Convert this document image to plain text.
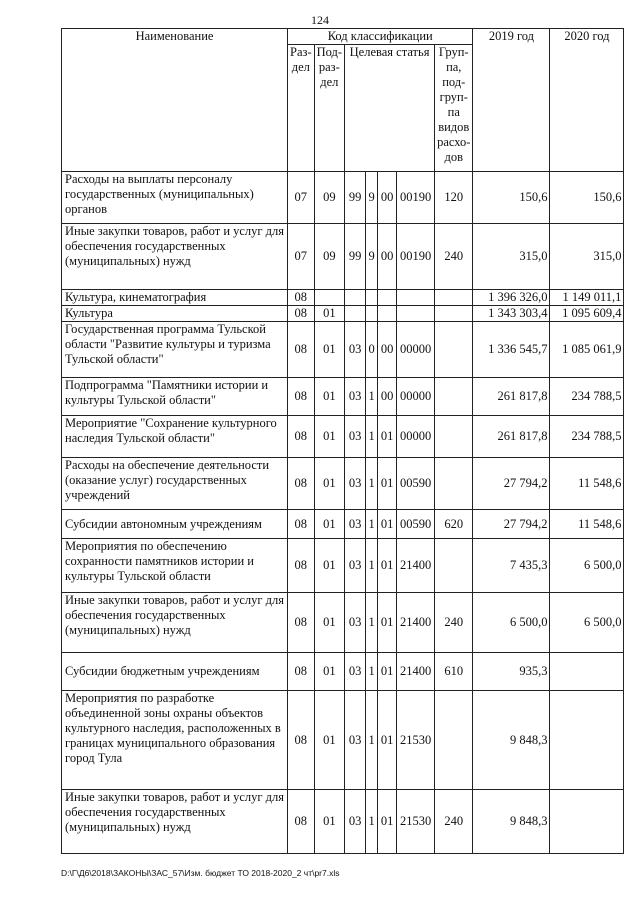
124
Наименование	Код классификации							2019 год	2020 год
	Раз-дел	Под-раз-дел	Целевая статья				Груп-па, под-груп-па видов расхо-дов		
Расходы на выплаты персоналу государственных (муниципальных) органов	07	09	99	9	00	00190	120	150,6	150,6
Иные закупки товаров, работ и услуг для обеспечения государственных (муниципальных) нужд	07	09	99	9	00	00190	240	315,0	315,0
Культура, кинематография	08							1 396 326,0	1 149 011,1
Культура	08	01						1 343 303,4	1 095 609,4
Государственная программа Тульской области "Развитие культуры и туризма Тульской области"	08	01	03	0	00	00000		1 336 545,7	1 085 061,9
Подпрограмма "Памятники истории и культуры Тульской области"	08	01	03	1	00	00000		261 817,8	234 788,5
Мероприятие "Сохранение культурного наследия Тульской области"	08	01	03	1	01	00000		261 817,8	234 788,5
Расходы на обеспечение деятельности (оказание услуг) государственных учреждений	08	01	03	1	01	00590		27 794,2	11 548,6
Субсидии автономным учреждениям	08	01	03	1	01	00590	620	27 794,2	11 548,6
Мероприятия по обеспечению сохранности памятников истории и культуры Тульской области	08	01	03	1	01	21400		7 435,3	6 500,0
Иные закупки товаров, работ и услуг для обеспечения государственных (муниципальных) нужд	08	01	03	1	01	21400	240	6 500,0	6 500,0
Субсидии бюджетным учреждениям	08	01	03	1	01	21400	610	935,3	
Мероприятия по разработке объединенной зоны охраны объектов культурного наследия, расположенных в границах муниципального образования город Тула	08	01	03	1	01	21530		9 848,3	
Иные закупки товаров, работ и услуг для обеспечения государственных (муниципальных) нужд	08	01	03	1	01	21530	240	9 848,3	
D:\Г\Д6\2018\ЗАКОНЫ\ЗАС_57\Изм. бюджет ТО 2018-2020_2 чт\pr7.xls
